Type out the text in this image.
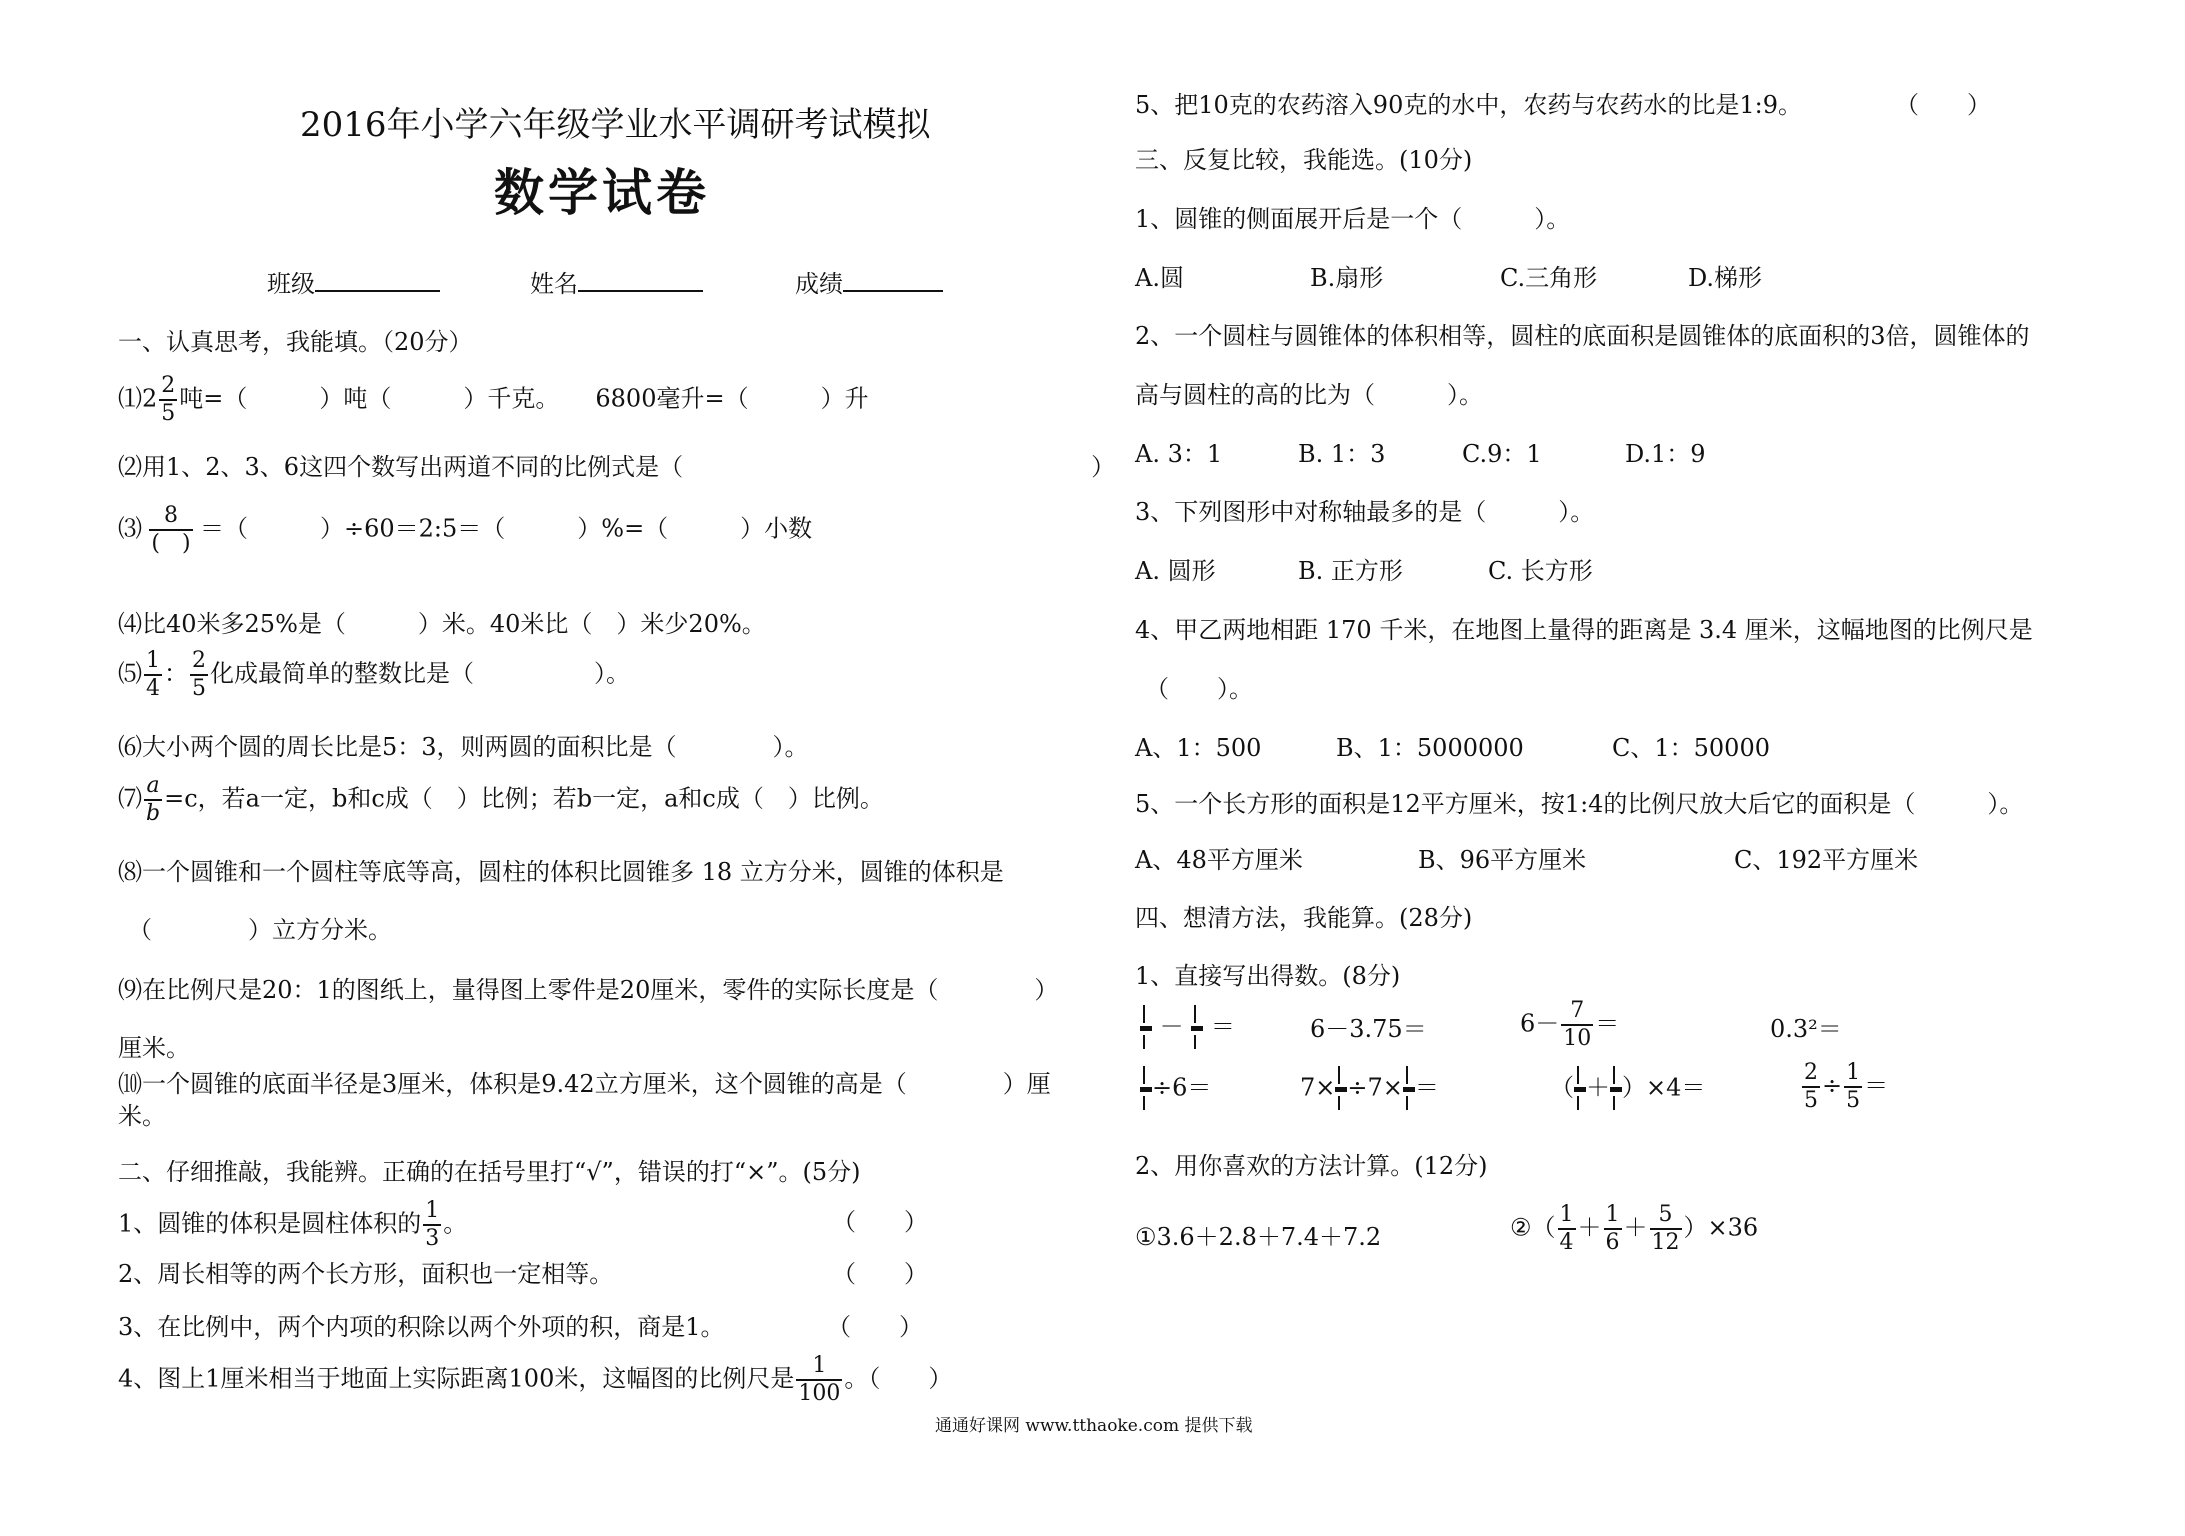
2016年小学六年级学业水平调研考试模拟
数学试卷
班级	姓名	成绩
一、认真思考，我能填。（20分）
⑴2 $\frac{2}{5}$ 吨=（　　　）吨（　　　）千克。　　6800毫升=（　　　）升
⑵用1、2、3、6这四个数写出两道不同的比例式是（　　　　　　　　　　　　　　　　　）
⑶ $\frac{8}{( )}$ ＝（　　　）÷60＝2:5＝（　　　）%=（　　　）小数
⑷比40米多25%是（　　　）米。40米比（　）米少20%。
⑸ $\frac{1}{4}$ ： $\frac{2}{5}$ 化成最简单的整数比是（　　　　　）。
⑹大小两个圆的周长比是5：3，则两圆的面积比是（　　　　）。
⑺ $\frac{a}{b} =c$，若a一定，b和c成（　）比例；若b一定，a和c成（　）比例。
⑻一个圆锥和一个圆柱等底等高，圆柱的体积比圆锥多 18 立方分米，圆锥的体积是
（　　　　）立方分米。
⑼在比例尺是20：1的图纸上，量得图上零件是20厘米，零件的实际长度是（　　　　）
厘米。
⑽一个圆锥的底面半径是3厘米，体积是9.42立方厘米，这个圆锥的高是（　　　　）厘
米。
二、仔细推敲，我能辨。正确的在括号里打“√”，错误的打“×”。(5分)
1、圆锥的体积是圆柱体积的 $\frac{1}{3}$ 。	（　　）
2、周长相等的两个长方形，面积也一定相等。	（　　）
3、在比例中，两个内项的积除以两个外项的积，商是1。	（　　）
4、图上1厘米相当于地面上实际距离100米，这幅图的比例尺是 $\frac{1}{100}$ 。（　　）
5、把10克的农药溶入90克的水中，农药与农药水的比是1:9。	（　　）
三、反复比较，我能选。(10分)
1、圆锥的侧面展开后是一个（　　　）。
A.圆	B.扇形	C.三角形	D.梯形
2、一个圆柱与圆锥体的体积相等，圆柱的底面积是圆锥体的底面积的3倍，圆锥体的
高与圆柱的高的比为（　　　）。
A. 3：1	B. 1：3	C.9：1	D.1：9
3、下列图形中对称轴最多的是（　　　）。
A. 圆形	B. 正方形	C. 长方形
4、甲乙两地相距 170 千米，在地图上量得的距离是 3.4 厘米，这幅地图的比例尺是
（　　）。
A、1：500	B、1：5000000	C、1：50000
5、一个长方形的面积是12平方厘米，按1:4的比例尺放大后它的面积是（　　　）。
A、48平方厘米	B、96平方厘米	C、192平方厘米
四、想清方法，我能算。(28分)
1、直接写出得数。(8分)
－ ＝	6－3.75＝	$6- \frac{7}{10}$ ＝	0.3²＝
÷6＝	7× ÷7× ＝	（ ＋ ）×4＝	$\frac{2}{5} \div \frac{1}{5}$ ＝
2、用你喜欢的方法计算。(12分)
①3.6＋2.8＋7.4＋7.2	②（ $\frac{1}{4} + \frac{1}{6} + \frac{5}{12} )\times 36$
通通好课网 www.tthaoke.com 提供下载
